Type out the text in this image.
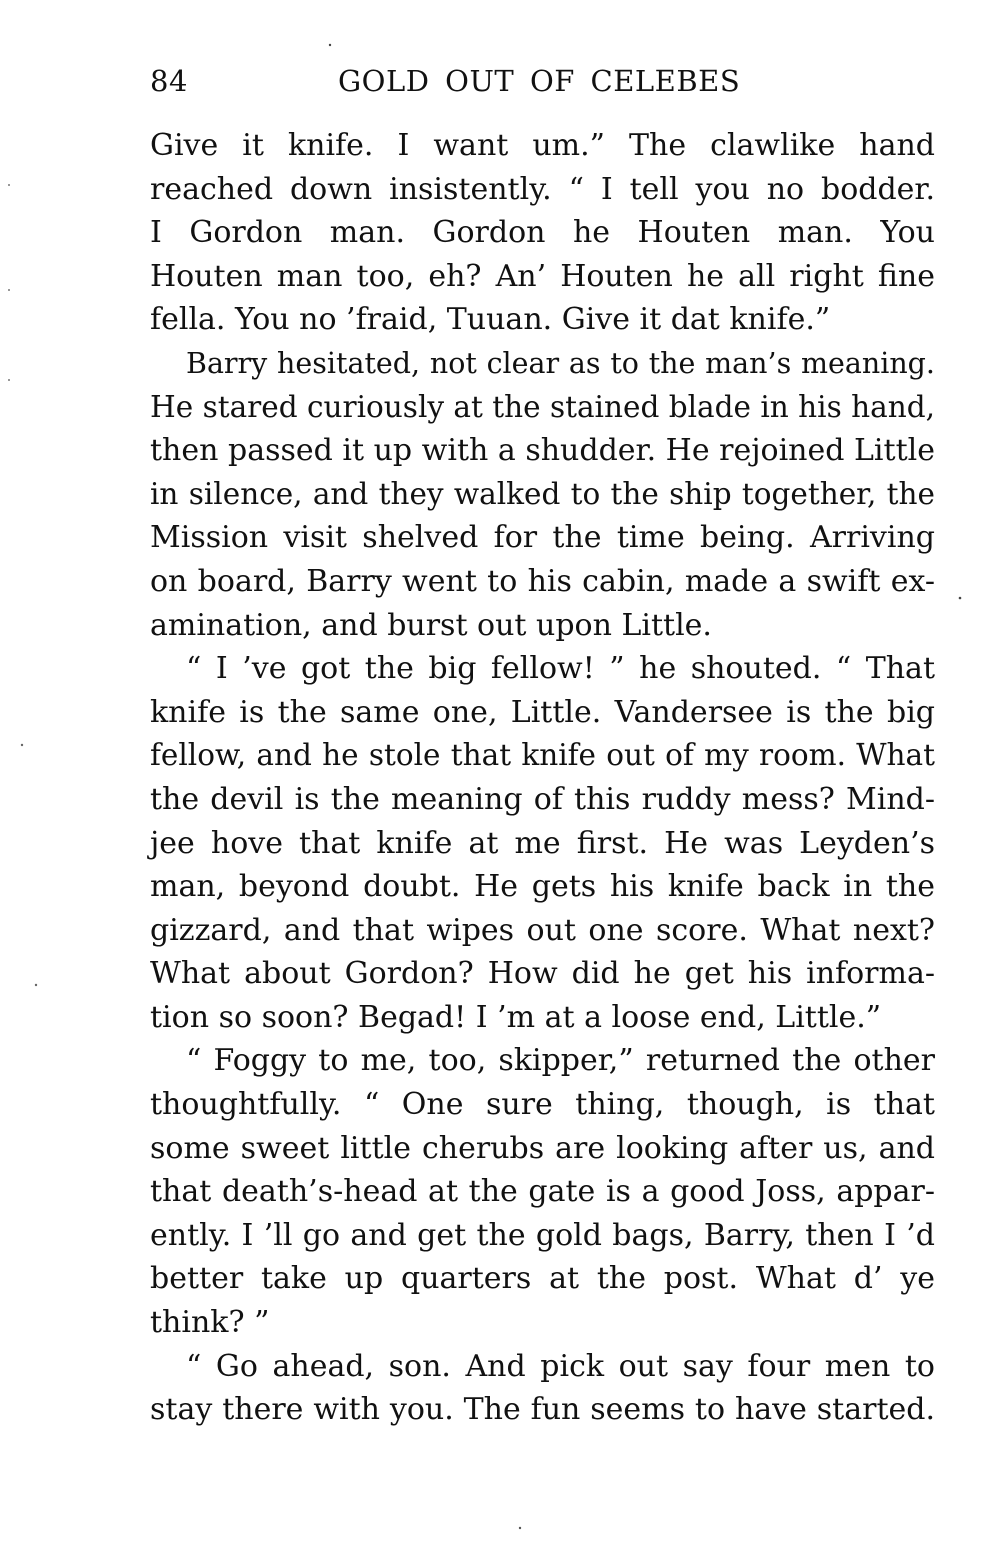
84	GOLD OUT OF CELEBES
Give it knife. I want um.” The clawlike hand
reached down insistently. “ I tell you no bodder.
I Gordon man. Gordon he Houten man. You
Houten man too, eh? An’ Houten he all right fine
fella. You no ’fraid, Tuuan. Give it dat knife.”
Barry hesitated, not clear as to the man’s meaning.
He stared curiously at the stained blade in his hand,
then passed it up with a shudder. He rejoined Little
in silence, and they walked to the ship together, the
Mission visit shelved for the time being. Arriving
on board, Barry went to his cabin, made a swift ex-
amination, and burst out upon Little.
“ I ’ve got the big fellow! ” he shouted. “ That
knife is the same one, Little. Vandersee is the big
fellow, and he stole that knife out of my room. What
the devil is the meaning of this ruddy mess? Mind-
jee hove that knife at me first. He was Leyden’s
man, beyond doubt. He gets his knife back in the
gizzard, and that wipes out one score. What next?
What about Gordon? How did he get his informa-
tion so soon? Begad! I ’m at a loose end, Little.”
“ Foggy to me, too, skipper,” returned the other
thoughtfully. “ One sure thing, though, is that
some sweet little cherubs are looking after us, and
that death’s-head at the gate is a good Joss, appar-
ently. I ’ll go and get the gold bags, Barry, then I ’d
better take up quarters at the post. What d’ ye
think? ”
“ Go ahead, son. And pick out say four men to
stay there with you. The fun seems to have started.
